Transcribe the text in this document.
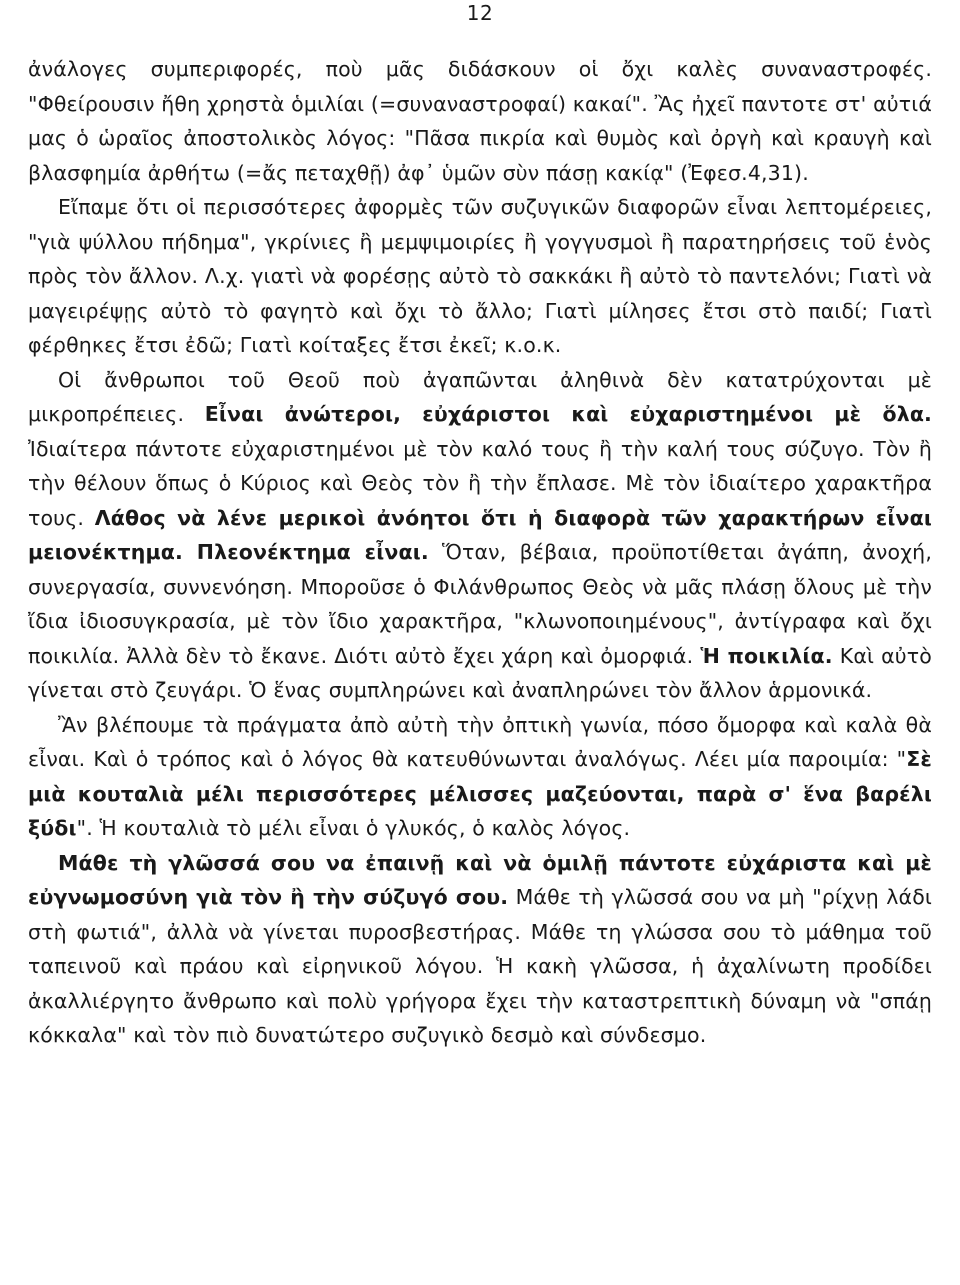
12

ἀνάλογες συμπεριφορές, ποὺ μᾶς διδάσκουν οἱ ὄχι καλὲς συναναστροφές. "Φθείρουσιν ἤθη χρηστὰ ὁμιλίαι (=συναναστροφαί) κακαί". Ἂς ἠχεῖ παντοτε στ' αὐτιά μας ὁ ὡραῖος ἀποστολικὸς λόγος: "Πᾶσα πικρία καὶ θυμὸς καὶ ὀργὴ καὶ κραυγὴ καὶ βλασφημία ἀρθήτω (=ἄς πεταχθῇ) ἀφ᾿ ὑμῶν σὺν πάσῃ κακίᾳ" (Ἐφεσ.4,31).

Εἴπαμε ὅτι οἱ περισσότερες ἀφορμὲς τῶν συζυγικῶν διαφορῶν εἶναι λεπτομέρειες, "γιὰ ψύλλου πήδημα", γκρίνιες ἢ μεμψιμοιρίες ἢ γογγυσμοὶ ἢ παρατηρήσεις τοῦ ἑνὸς πρὸς τὸν ἄλλον. Λ.χ. γιατὶ νὰ φορέσῃς αὐτὸ τὸ σακκάκι ἢ αὐτὸ τὸ παντελόνι; Γιατὶ νὰ μαγειρέψῃς αὐτὸ τὸ φαγητὸ καὶ ὄχι τὸ ἄλλο; Γιατὶ μίλησες ἔτσι στὸ παιδί; Γιατὶ φέρθηκες ἔτσι ἐδῶ; Γιατὶ κοίταξες ἔτσι ἐκεῖ; κ.ο.κ.

Οἱ ἄνθρωποι τοῦ Θεοῦ ποὺ ἀγαπῶνται ἀληθινὰ δὲν κατατρύχονται μὲ μικροπρέπειες. Εἶναι ἀνώτεροι, εὐχάριστοι καὶ εὐχαριστημένοι μὲ ὅλα. Ἰδιαίτερα πάντοτε εὐχαριστημένοι μὲ τὸν καλό τους ἢ τὴν καλή τους σύζυγο. Τὸν ἢ τὴν θέλουν ὅπως ὁ Κύριος καὶ Θεὸς τὸν ἢ τὴν ἔπλασε. Μὲ τὸν ἰδιαίτερο χαρακτῆρα τους. Λάθος νὰ λένε μερικοὶ ἀνόητοι ὅτι ἡ διαφορὰ τῶν χαρακτήρων εἶναι μειονέκτημα. Πλεονέκτημα εἶναι. Ὅταν, βέβαια, προϋποτίθεται ἀγάπη, ἀνοχή, συνεργασία, συννενόηση. Μποροῦσε ὁ Φιλάνθρωπος Θεὸς νὰ μᾶς πλάσῃ ὅλους μὲ τὴν ἴδια ἰδιοσυγκρασία, μὲ τὸν ἴδιο χαρακτῆρα, "κλωνοποιημένους", ἀντίγραφα καὶ ὄχι ποικιλία. Ἀλλὰ δὲν τὸ ἔκανε. Διότι αὐτὸ ἔχει χάρη καὶ ὀμορφιά. Ἡ ποικιλία. Καὶ αὐτὸ γίνεται στὸ ζευγάρι. Ὁ ἕνας συμπληρώνει καὶ ἀναπληρώνει τὸν ἄλλον ἁρμονικά.

Ἂν βλέπουμε τὰ πράγματα ἀπὸ αὐτὴ τὴν ὀπτικὴ γωνία, πόσο ὄμορφα καὶ καλὰ θὰ εἶναι. Καὶ ὁ τρόπος καὶ ὁ λόγος θὰ κατευθύνωνται ἀναλόγως. Λέει μία παροιμία: "Σὲ μιὰ κουταλιὰ μέλι περισσότερες μέλισσες μαζεύονται, παρὰ σ' ἕνα βαρέλι ξύδι". Ἡ κουταλιὰ τὸ μέλι εἶναι ὁ γλυκός, ὁ καλὸς λόγος.

Μάθε τὴ γλῶσσά σου να ἐπαινῇ καὶ νὰ ὁμιλῇ πάντοτε εὐχάριστα καὶ μὲ εὐγνωμοσύνη γιὰ τὸν ἢ τὴν σύζυγό σου. Μάθε τὴ γλῶσσά σου να μὴ "ρίχνῃ λάδι στὴ φωτιά", ἀλλὰ νὰ γίνεται πυροσβεστήρας. Μάθε τη γλώσσα σου τὸ μάθημα τοῦ ταπεινοῦ καὶ πράου καὶ εἰρηνικοῦ λόγου. Ἡ κακὴ γλῶσσα, ἡ ἀχαλίνωτη προδίδει ἀκαλλιέργητο ἄνθρωπο καὶ πολὺ γρήγορα ἔχει τὴν καταστρεπτικὴ δύναμη νὰ "σπάῃ κόκκαλα" καὶ τὸν πιὸ δυνατώτερο συζυγικὸ δεσμὸ καὶ σύνδεσμο.
